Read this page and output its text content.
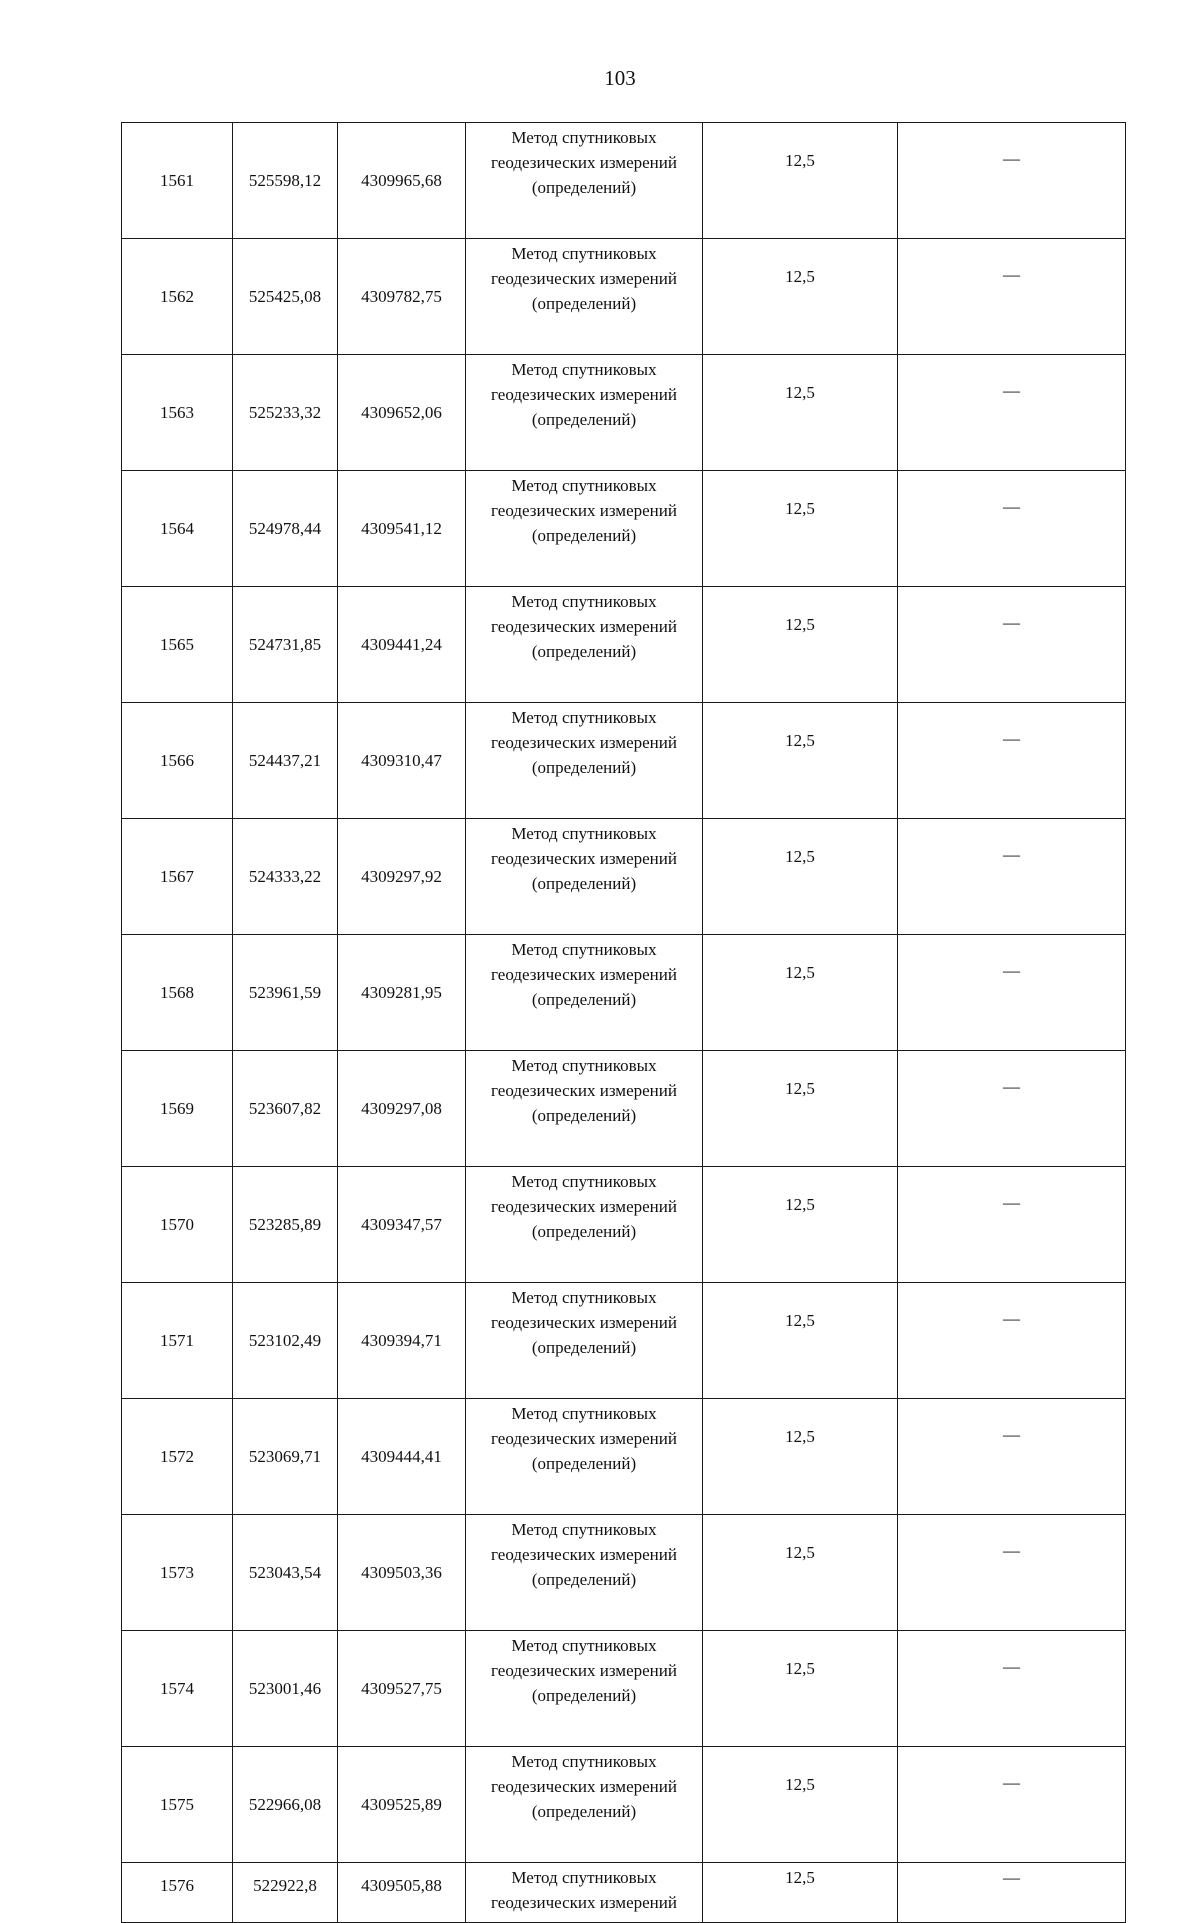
103
1561	525598,12	4309965,68	Метод спутниковых
геодезических измерений
(определений)	12,5	—
1562	525425,08	4309782,75	Метод спутниковых
геодезических измерений
(определений)	12,5	—
1563	525233,32	4309652,06	Метод спутниковых
геодезических измерений
(определений)	12,5	—
1564	524978,44	4309541,12	Метод спутниковых
геодезических измерений
(определений)	12,5	—
1565	524731,85	4309441,24	Метод спутниковых
геодезических измерений
(определений)	12,5	—
1566	524437,21	4309310,47	Метод спутниковых
геодезических измерений
(определений)	12,5	—
1567	524333,22	4309297,92	Метод спутниковых
геодезических измерений
(определений)	12,5	—
1568	523961,59	4309281,95	Метод спутниковых
геодезических измерений
(определений)	12,5	—
1569	523607,82	4309297,08	Метод спутниковых
геодезических измерений
(определений)	12,5	—
1570	523285,89	4309347,57	Метод спутниковых
геодезических измерений
(определений)	12,5	—
1571	523102,49	4309394,71	Метод спутниковых
геодезических измерений
(определений)	12,5	—
1572	523069,71	4309444,41	Метод спутниковых
геодезических измерений
(определений)	12,5	—
1573	523043,54	4309503,36	Метод спутниковых
геодезических измерений
(определений)	12,5	—
1574	523001,46	4309527,75	Метод спутниковых
геодезических измерений
(определений)	12,5	—
1575	522966,08	4309525,89	Метод спутниковых
геодезических измерений
(определений)	12,5	—
1576	522922,8	4309505,88	Метод спутниковых
геодезических измерений	12,5	—
